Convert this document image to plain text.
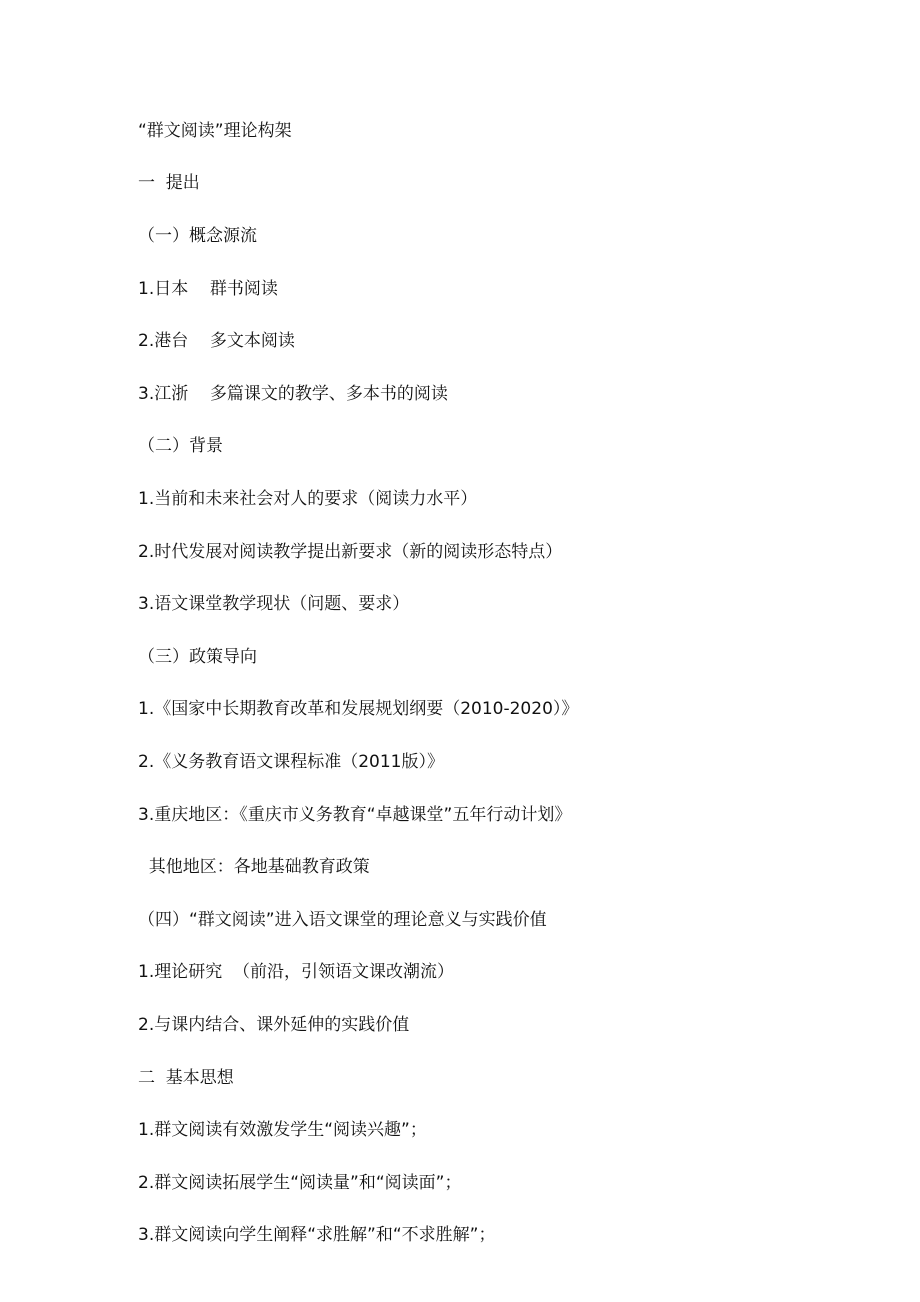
“群文阅读”理论构架

一  提出

（一）概念源流

1.日本    群书阅读

2.港台    多文本阅读

3.江浙    多篇课文的教学、多本书的阅读

（二）背景

1.当前和未来社会对人的要求（阅读力水平）

2.时代发展对阅读教学提出新要求（新的阅读形态特点）

3.语文课堂教学现状（问题、要求）

（三）政策导向

1.《国家中长期教育改革和发展规划纲要（2010-2020）》

2.《义务教育语文课程标准（2011版）》

3.重庆地区：《重庆市义务教育“卓越课堂”五年行动计划》

其他地区：各地基础教育政策

（四）“群文阅读”进入语文课堂的理论意义与实践价值

1.理论研究  （前沿，引领语文课改潮流）

2.与课内结合、课外延伸的实践价值

二  基本思想

1.群文阅读有效激发学生“阅读兴趣”；

2.群文阅读拓展学生“阅读量”和“阅读面”；

3.群文阅读向学生阐释“求胜解”和“不求胜解”；
